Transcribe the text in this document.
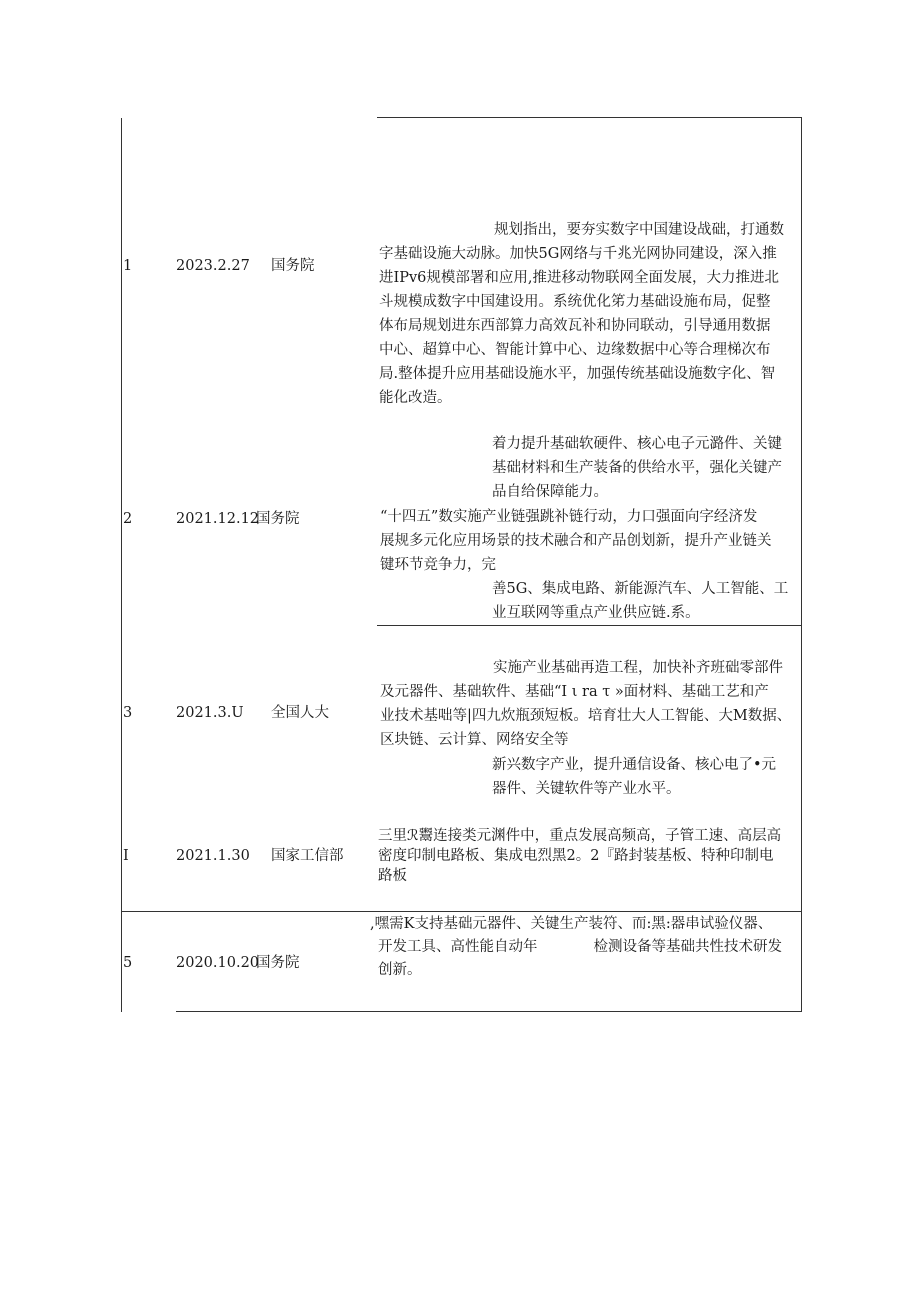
1	2023.2.27 国务院
规划指出，要夯实数字中国建设战础，打通数
字基础设施大动脉。加快5G网络与千兆光网协同建设，深入推
进IPv6规模部署和应用,推进移动物联网全面发展，大力推进北
斗规模成数字中国建设用。系统优化笫力基础设施布局，促整
体布局规划进东西部算力高效瓦补和协同联动，引导通用数据
中心、超算中心、智能计算中心、边缘数据中心等合理梯次布
局.整体提升应用基础设施水平，加强传统基础设施数字化、智
能化改造。
2	2021.12.12
国务院
着力提升基础软硬件、核心电子元潞件、关键
基础材料和生产装备的供给水平，强化关键产
品自给保障能力。
“十四五”数实施产业链强跳补链行动，力口强面向字经济发
展规多元化应用场景的技术融合和产品创划新，提升产业链关
键环节竞争力，完
善5G、集成电路、新能源汽车、人工智能、工
业互联网等重点产业供应链.系。
3	2021.3.U 全国人大
实施产业基础再造工程，加快补齐班础零部件
及元器件、基础软件、基础“I ι ra τ »面材料、基础工艺和产
业技术基咄等|四九炊瓶颈短板。培育壮大人工智能、大M数据、
区块链、云计算、网络安全等
新兴数字产业，提升通信设备、核心电了•元
器件、关键软件等产业水平。
I	2021.1.30 国家工信部
三里ℛ鬻连接类元渊件中，重点发展高频高，子管工速、高层高
密度印制电路板、集成电烈黑2。2『路封装基板、特种印制电
路板
5	2020.10.20
国务院
,嘿需K支持基础元器件、关键生产装符、而:黑:器串试验仪器、
开发工具、高性能自动年	检测设备等基础共性技术研发
创新。
